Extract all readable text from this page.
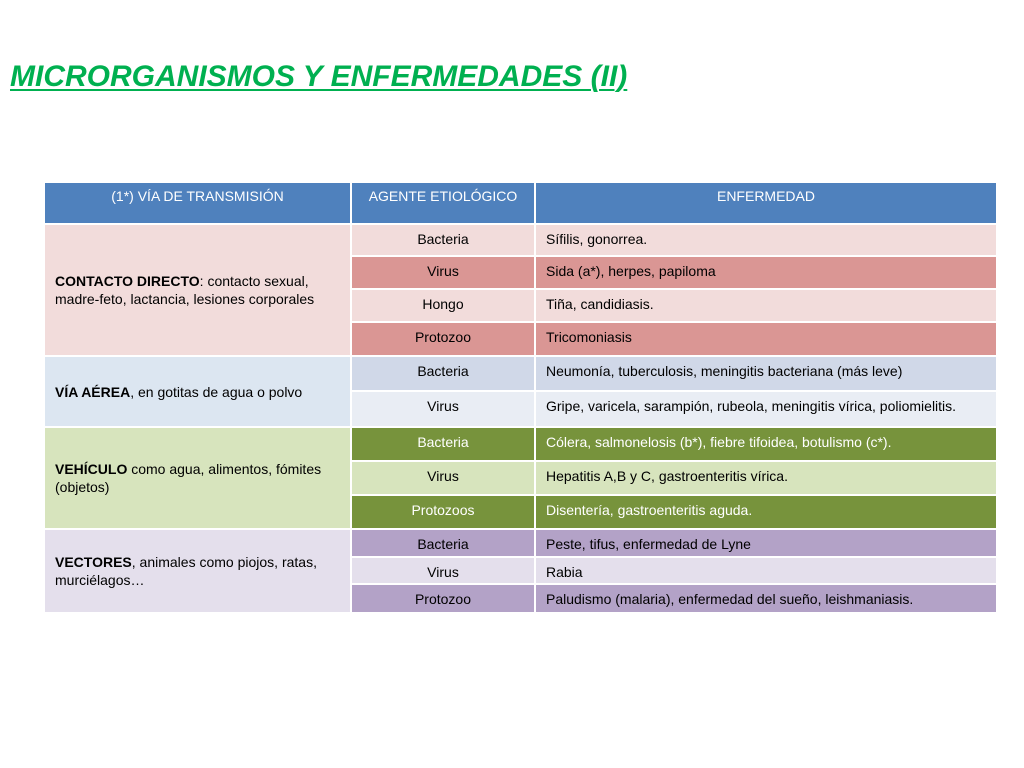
MICRORGANISMOS Y ENFERMEDADES (II)
(1*) VÍA DE TRANSMISIÓN	AGENTE ETIOLÓGICO	ENFERMEDAD
CONTACTO DIRECTO: contacto sexual, madre-feto, lactancia, lesiones corporales
Bacteria	Sífilis, gonorrea.
Virus	Sida (a*), herpes, papiloma
Hongo	Tiña, candidiasis.
Protozoo	Tricomoniasis
VÍA AÉREA, en gotitas de agua o polvo
Bacteria	Neumonía, tuberculosis, meningitis bacteriana (más leve)
Virus	Gripe, varicela, sarampión, rubeola, meningitis vírica, poliomielitis.
VEHÍCULO como agua, alimentos, fómites (objetos)
Bacteria	Cólera, salmonelosis (b*), fiebre tifoidea, botulismo (c*).
Virus	Hepatitis A,B y C, gastroenteritis vírica.
Protozoos	Disentería, gastroenteritis aguda.
VECTORES, animales como piojos, ratas, murciélagos…
Bacteria	Peste, tifus, enfermedad de Lyne
Virus	Rabia
Protozoo	Paludismo (malaria), enfermedad del sueño, leishmaniasis.
